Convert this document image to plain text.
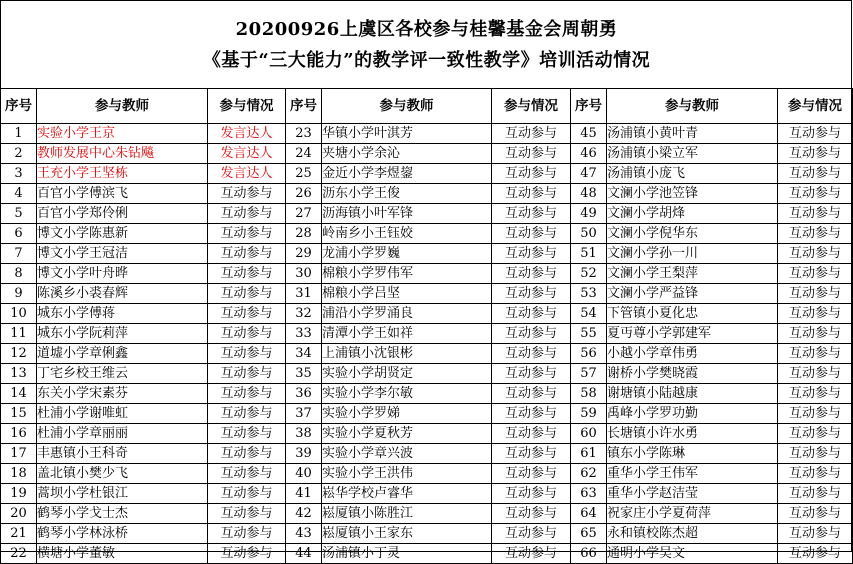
20200926上虞区各校参与桂馨基金会周朝勇
《基于“三大能力”的教学评一致性教学》培训活动情况
序号	参与教师	参与情况	序号	参与教师	参与情况	序号	参与教师	参与情况
1	实验小学王京	发言达人	23	华镇小学叶淇芳	互动参与	45	汤浦镇小黄叶青	互动参与
2	教师发展中心朱钻飚	发言达人	24	夹塘小学余沁	互动参与	46	汤浦镇小梁立军	互动参与
3	王充小学王坚栋	发言达人	25	金近小学李煜鋆	互动参与	47	汤浦镇小庞飞	互动参与
4	百官小学傅滨飞	互动参与	26	沥东小学王俊	互动参与	48	文澜小学池笠锋	互动参与
5	百官小学郑伶俐	互动参与	27	沥海镇小叶军锋	互动参与	49	文澜小学胡烽	互动参与
6	博文小学陈惠新	互动参与	28	岭南乡小王钰姣	互动参与	50	文澜小学倪华东	互动参与
7	博文小学王冠洁	互动参与	29	龙浦小学罗巍	互动参与	51	文澜小学孙一川	互动参与
8	博文小学叶舟晔	互动参与	30	棉粮小学罗伟军	互动参与	52	文澜小学王梨萍	互动参与
9	陈溪乡小裘春辉	互动参与	31	棉粮小学吕坚	互动参与	53	文澜小学严益锋	互动参与
10	城东小学傅蒋	互动参与	32	浦沿小学罗涌良	互动参与	54	下管镇小夏化忠	互动参与
11	城东小学阮莉萍	互动参与	33	清潭小学王如祥	互动参与	55	夏丏尊小学郭建军	互动参与
12	道墟小学章俐鑫	互动参与	34	上浦镇小沈银彬	互动参与	56	小越小学章伟勇	互动参与
13	丁宅乡校王维云	互动参与	35	实验小学胡贤定	互动参与	57	谢桥小学樊晓霞	互动参与
14	东关小学宋素芬	互动参与	36	实验小学李尔敏	互动参与	58	谢塘镇小陆越康	互动参与
15	杜浦小学谢唯虹	互动参与	37	实验小学罗娣	互动参与	59	禹峰小学罗功勤	互动参与
16	杜浦小学章丽丽	互动参与	38	实验小学夏秋芳	互动参与	60	长塘镇小许水勇	互动参与
17	丰惠镇小王科奇	互动参与	39	实验小学章兴波	互动参与	61	镇东小学陈琳	互动参与
18	盖北镇小樊少飞	互动参与	40	实验小学王洪伟	互动参与	62	重华小学王伟军	互动参与
19	蒿坝小学杜银江	互动参与	41	崧华学校卢睿华	互动参与	63	重华小学赵洁莹	互动参与
20	鹤琴小学戈士杰	互动参与	42	崧厦镇小陈胜江	互动参与	64	祝家庄小学夏荷萍	互动参与
21	鹤琴小学林泳桥	互动参与	43	崧厦镇小王家东	互动参与	65	永和镇校陈杰超	互动参与
22	横塘小学董敏	互动参与	44	汤浦镇小丁灵	互动参与	66	通明小学吴文	互动参与
